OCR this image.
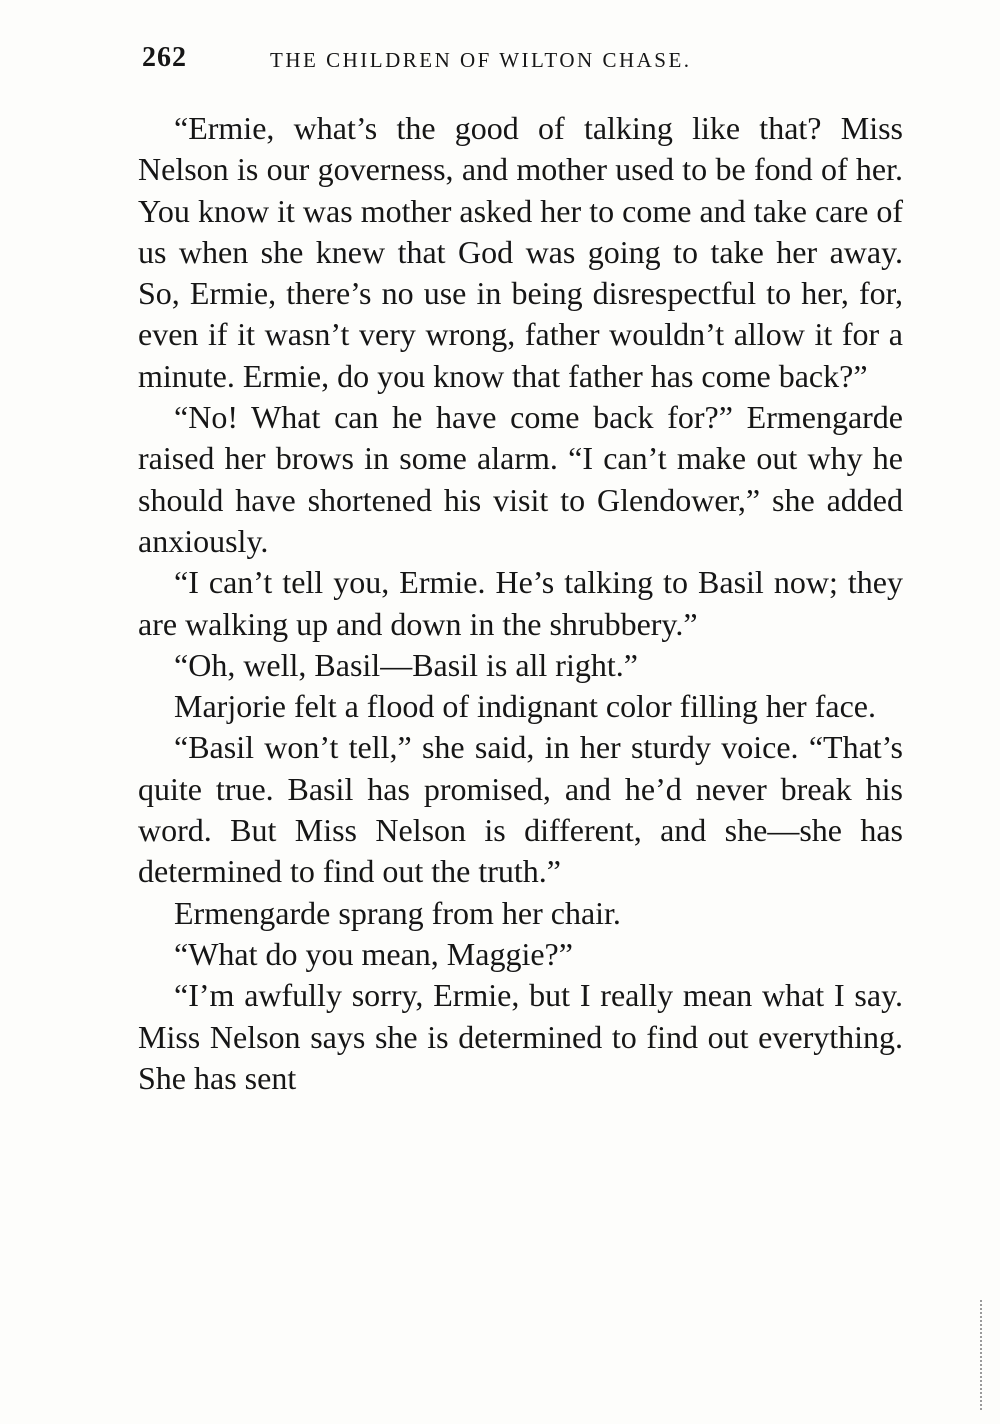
262	THE CHILDREN OF WILTON CHASE.

“Ermie, what’s the good of talking like that? Miss Nelson is our governess, and mother used to be fond of her. You know it was mother asked her to come and take care of us when she knew that God was going to take her away. So, Ermie, there’s no use in being disrespectful to her, for, even if it wasn’t very wrong, father wouldn’t allow it for a minute. Ermie, do you know that father has come back?”

“No! What can he have come back for?” Ermengarde raised her brows in some alarm. “I can’t make out why he should have shortened his visit to Glendower,” she added anxiously.

“I can’t tell you, Ermie. He’s talking to Basil now; they are walking up and down in the shrubbery.”

“Oh, well, Basil—Basil is all right.”

Marjorie felt a flood of indignant color filling her face.

“Basil won’t tell,” she said, in her sturdy voice. “That’s quite true. Basil has promised, and he’d never break his word. But Miss Nelson is different, and she—she has determined to find out the truth.”

Ermengarde sprang from her chair.

“What do you mean, Maggie?”

“I’m awfully sorry, Ermie, but I really mean what I say. Miss Nelson says she is determined to find out everything. She has sent
